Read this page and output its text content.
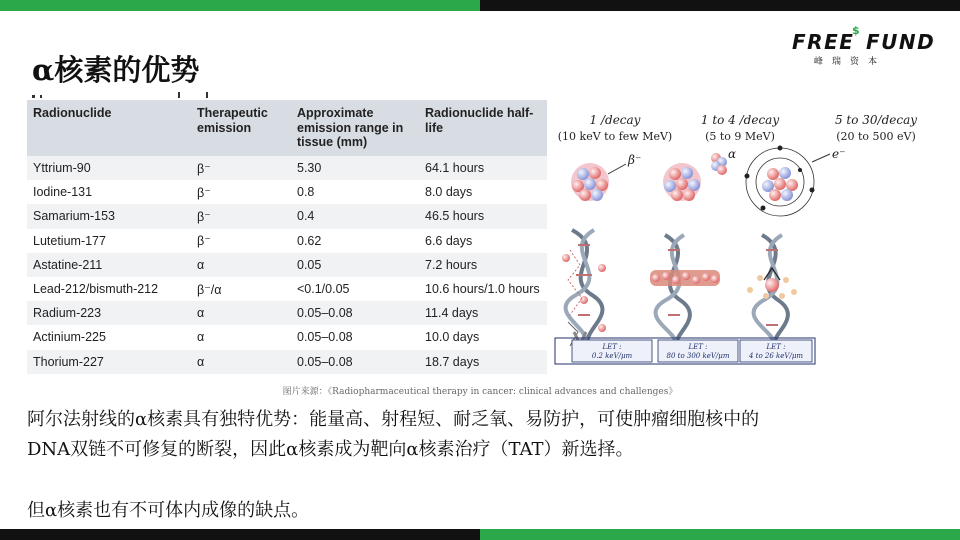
α核素的优势
FREE
$ FUND
峰瑞资本
Radionuclide	Therapeutic emission	Approximate emission range in tissue (mm)	Radionuclide half-life
Yttrium-90	β⁻	5.30	64.1 hours
Iodine-131	β⁻	0.8	8.0 days
Samarium-153	β⁻	0.4	46.5 hours
Lutetium-177	β⁻	0.62	6.6 days
Astatine-211	α	0.05	7.2 hours
Lead-212/bismuth-212	β⁻/α	<0.1/0.05	10.6 hours/1.0 hours
Radium-223	α	0.05–0.08	11.4 days
Actinium-225	α	0.05–0.08	10.0 days
Thorium-227	α	0.05–0.08	18.7 days
1 /decay
(10 keV to few MeV)
1 to 4 /decay
(5 to 9 MeV)
5 to 30/decay
(20 to 500 eV)
β⁻	α	e⁻
LET :
0.2 keV/μm
LET :
80 to 300 keV/μm
LET :
4 to 26 keV/μm
图片来源：《Radiopharmaceutical therapy in cancer: clinical advances and challenges》
阿尔法射线的α核素具有独特优势：能量高、射程短、耐乏氧、易防护，可使肿瘤细胞核中的
DNA双链不可修复的断裂，因此α核素成为靶向α核素治疗（TAT）新选择。
但α核素也有不可体内成像的缺点。
